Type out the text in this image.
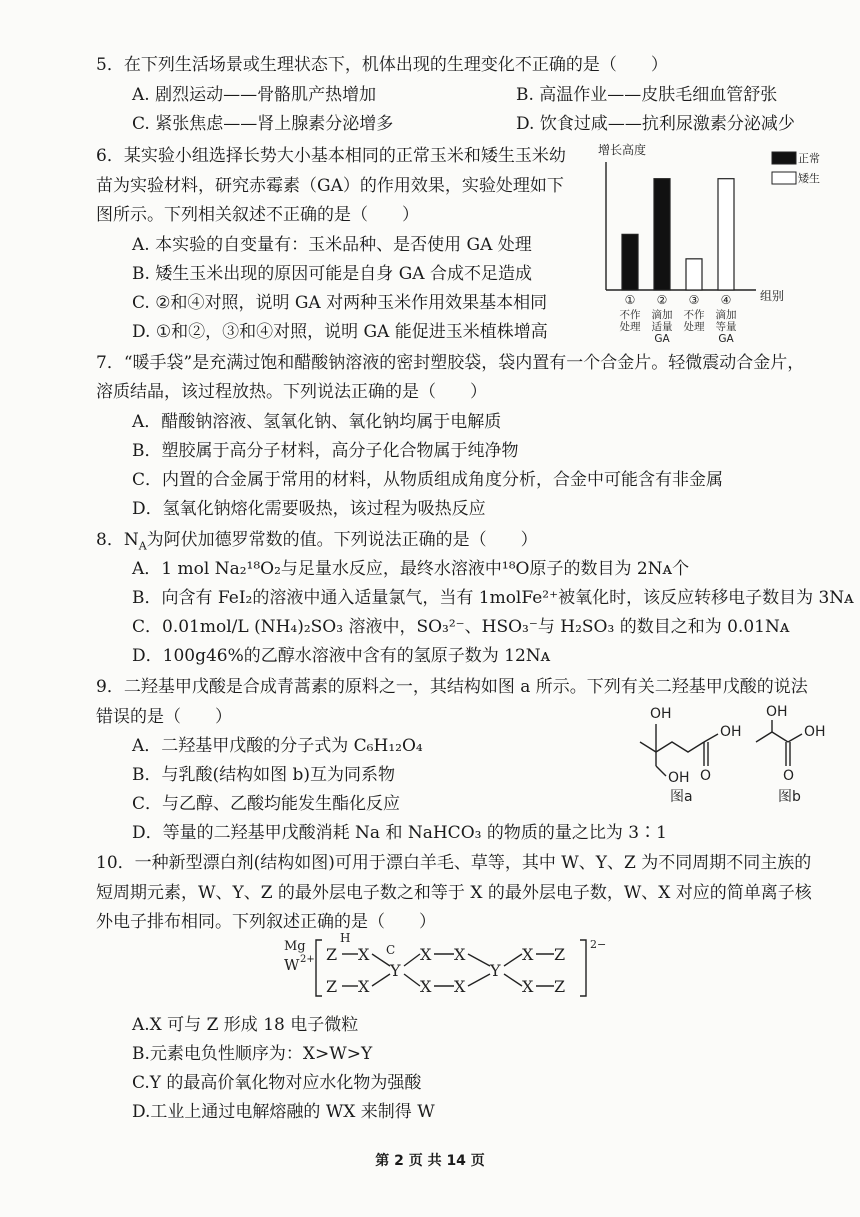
5．在下列生活场景或生理状态下，机体出现的生理变化不正确的是（　　）
A. 剧烈运动——骨骼肌产热增加	B. 高温作业——皮肤毛细血管舒张
C. 紧张焦虑——肾上腺素分泌增多	D. 饮食过咸——抗利尿激素分泌减少
6．某实验小组选择长势大小基本相同的正常玉米和矮生玉米幼
苗为实验材料，研究赤霉素（GA）的作用效果，实验处理如下
图所示。下列相关叙述不正确的是（　　）
A. 本实验的自变量有：玉米品种、是否使用 GA 处理
B. 矮生玉米出现的原因可能是自身 GA 合成不足造成
C. ②和④对照，说明 GA 对两种玉米作用效果基本相同
D. ①和②，③和④对照，说明 GA 能促进玉米植株增高
增长高度
组别
正常
矮生
①
不作
处理
②
滴加
适量
GA
③
不作
处理
④
滴加
等量
GA
7．“暖手袋”是充满过饱和醋酸钠溶液的密封塑胶袋，袋内置有一个合金片。轻微震动合金片，
溶质结晶，该过程放热。下列说法正确的是（　　）
A．醋酸钠溶液、氢氧化钠、氧化钠均属于电解质
B．塑胶属于高分子材料，高分子化合物属于纯净物
C．内置的合金属于常用的材料，从物质组成角度分析，合金中可能含有非金属
D．氢氧化钠熔化需要吸热，该过程为吸热反应
8．$N_A$为阿伏加德罗常数的值。下列说法正确的是（　　）
A．1 mol Na₂¹⁸O₂与足量水反应，最终水溶液中¹⁸O原子的数目为 2Nᴀ个
B．向含有 FeI₂的溶液中通入适量氯气，当有 1molFe²⁺被氧化时，该反应转移电子数目为 3Nᴀ
C．0.01mol/L (NH₄)₂SO₃ 溶液中，SO₃²⁻、HSO₃⁻与 H₂SO₃ 的数目之和为 0.01Nᴀ
D．100g46%的乙醇水溶液中含有的氢原子数为 12Nᴀ
9．二羟基甲戊酸是合成青蒿素的原料之一，其结构如图 a 所示。下列有关二羟基甲戊酸的说法
错误的是（　　）
A．二羟基甲戊酸的分子式为 C₆H₁₂O₄
B．与乳酸(结构如图 b)互为同系物
C．与乙醇、乙酸均能发生酯化反应
D．等量的二羟基甲戊酸消耗 Na 和 NaHCO₃ 的物质的量之比为 3∶1
OH
OH
OH O
图a
OH
OH
O
图b
10．一种新型漂白剂(结构如图)可用于漂白羊毛、草等，其中 W、Y、Z 为不同周期不同主族的
短周期元素，W、Y、Z 的最外层电子数之和等于 X 的最外层电子数，W、X 对应的简单离子核
外电子排布相同。下列叙述正确的是（　　）
Mg
W 2+ Z X
Z X
Y
X X
X X
Y
X Z
X Z
2−
H
C
A.X 可与 Z 形成 18 电子微粒
B.元素电负性顺序为：X>W>Y
C.Y 的最高价氧化物对应水化物为强酸
D.工业上通过电解熔融的 WX 来制得 W
第 2 页 共 14 页
